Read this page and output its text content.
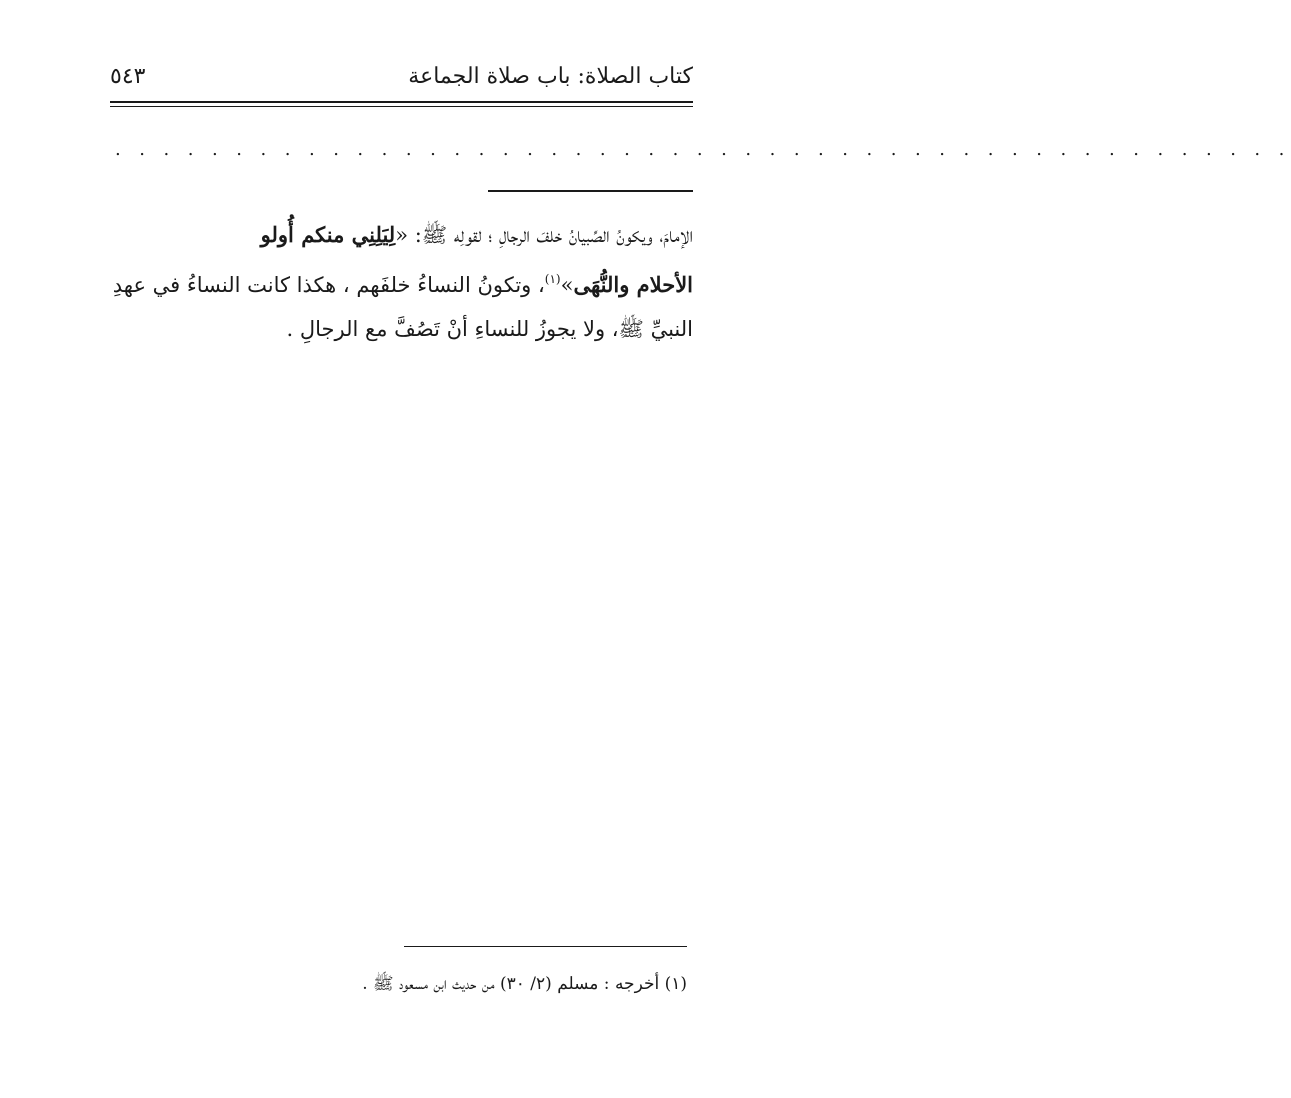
كتاب الصلاة: باب صلاة الجماعة
٥٤٣
. . . . . . . . . . . . . . . . . . . . . . . . . . . . . . . . . . . . . . . . . . . . . . . . .
الإمامَ، ويكونُ الصِّبيانُ خلفَ الرجالِ ؛ لقولِه ﷺ: «لِيَلِنِي منكم أُولو
الأحلام والنُّهَى»$^{(١)}$، وتكونُ النساءُ خلفَهم ، هكذا كانت النساءُ في عهدِ
النبيِّ ﷺ، ولا يجوزُ للنساءِ أنْ تَصُفَّ مع الرجالِ .
(١) أخرجه : مسلم (٢/ ٣٠) من حديث ابن مسعود ﷺ .
